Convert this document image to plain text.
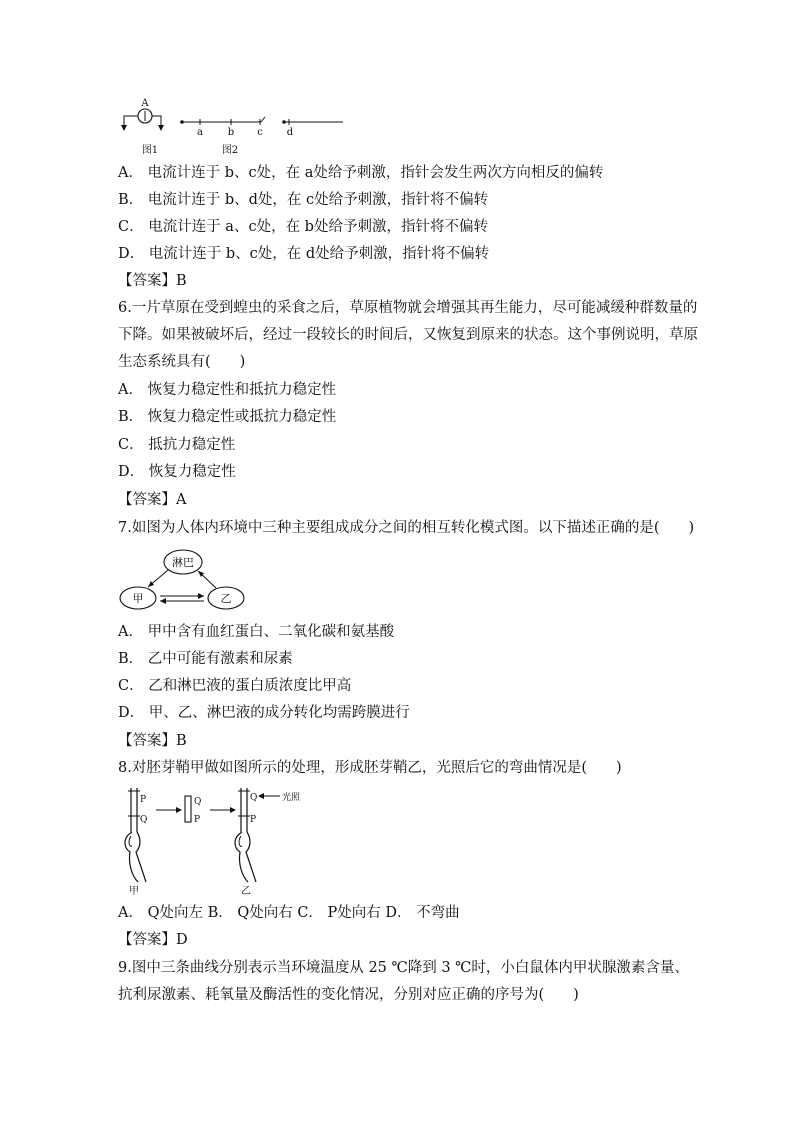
A
图1
a b c d
图2
A． 电流计连于 b、c处，在 a处给予刺激，指针会发生两次方向相反的偏转
B． 电流计连于 b、d处，在 c处给予刺激，指针将不偏转
C． 电流计连于 a、c处，在 b处给予刺激，指针将不偏转
D． 电流计连于 b、c处，在 d处给予刺激，指针将不偏转
【答案】B
6.一片草原在受到蝗虫的采食之后，草原植物就会增强其再生能力，尽可能减缓种群数量的
下降。如果被破坏后，经过一段较长的时间后，又恢复到原来的状态。这个事例说明，草原
生态系统具有(　　)
A． 恢复力稳定性和抵抗力稳定性
B． 恢复力稳定性或抵抗力稳定性
C． 抵抗力稳定性
D． 恢复力稳定性
【答案】A
7.如图为人体内环境中三种主要组成成分之间的相互转化模式图。以下描述正确的是(　　)
淋巴
甲	乙
A． 甲中含有血红蛋白、二氧化碳和氨基酸
B． 乙中可能有激素和尿素
C． 乙和淋巴液的蛋白质浓度比甲高
D． 甲、乙、淋巴液的成分转化均需跨膜进行
【答案】B
8.对胚芽鞘甲做如图所示的处理，形成胚芽鞘乙，光照后它的弯曲情况是(　　)
P
Q
甲
Q
P
Q
P
光照
乙
A． Q处向左 B． Q处向右 C． P处向右 D． 不弯曲
【答案】D
9.图中三条曲线分别表示当环境温度从 25 ℃降到 3 ℃时，小白鼠体内甲状腺激素含量、
抗利尿激素、耗氧量及酶活性的变化情况，分别对应正确的序号为(　　)
